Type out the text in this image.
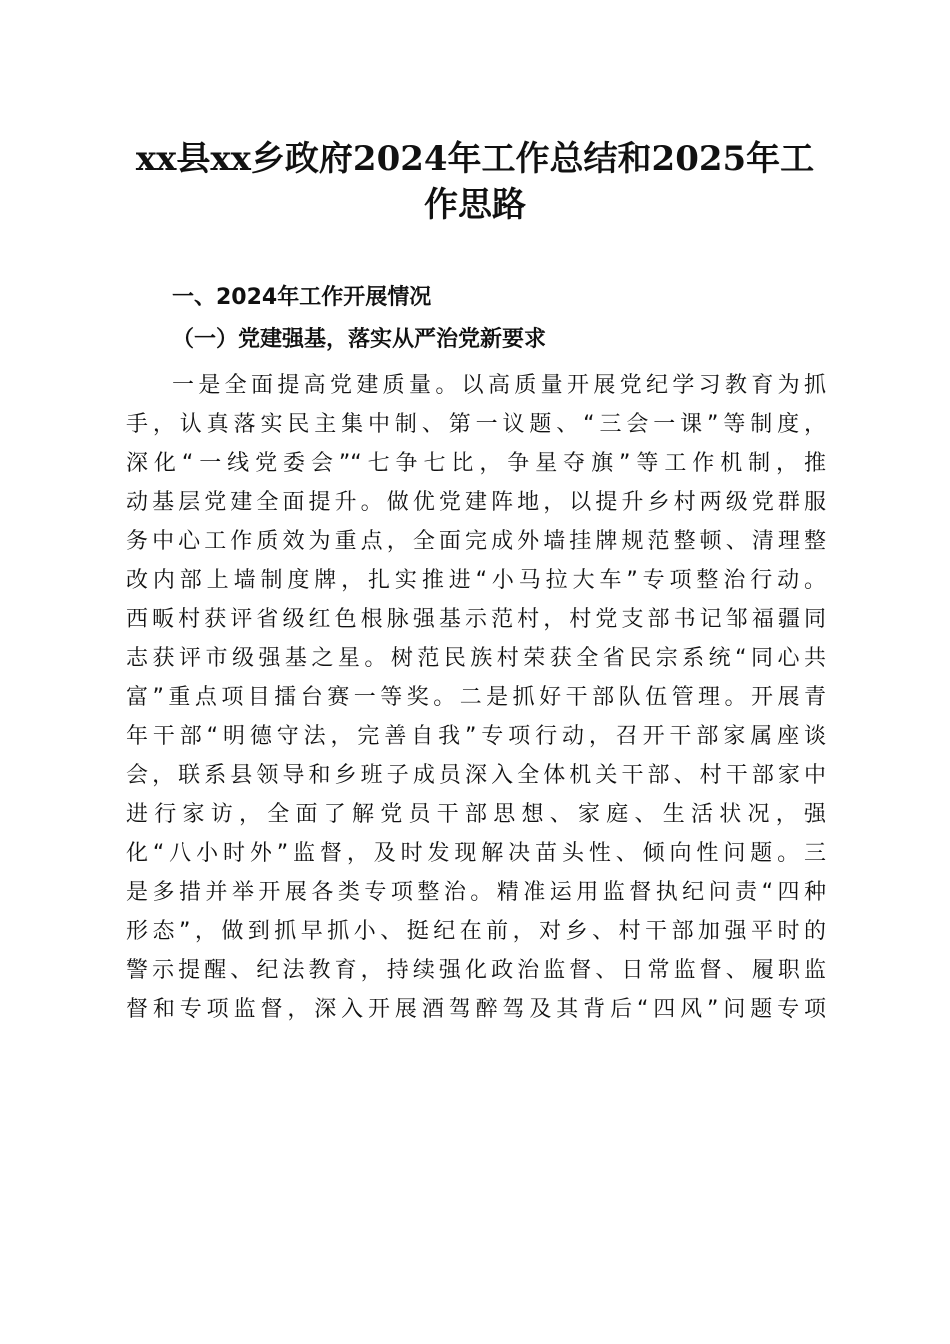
xx县xx乡政府2024年工作总结和2025年工
作思路
一、2024年工作开展情况
（一）党建强基，落实从严治党新要求
一是全面提高党建质量。以高质量开展党纪学习教育为抓
手，认真落实民主集中制、第一议题、“三会一课”等制度，
深化“一线党委会”“七争七比，争星夺旗”等工作机制，推
动基层党建全面提升。做优党建阵地，以提升乡村两级党群服
务中心工作质效为重点，全面完成外墙挂牌规范整顿、清理整
改内部上墙制度牌，扎实推进“小马拉大车”专项整治行动。
西畈村获评省级红色根脉强基示范村，村党支部书记邹福疆同
志获评市级强基之星。树范民族村荣获全省民宗系统“同心共
富”重点项目擂台赛一等奖。二是抓好干部队伍管理。开展青
年干部“明德守法，完善自我”专项行动，召开干部家属座谈
会，联系县领导和乡班子成员深入全体机关干部、村干部家中
进行家访，全面了解党员干部思想、家庭、生活状况，强
化“八小时外”监督，及时发现解决苗头性、倾向性问题。三
是多措并举开展各类专项整治。精准运用监督执纪问责“四种
形态”，做到抓早抓小、挺纪在前，对乡、村干部加强平时的
警示提醒、纪法教育，持续强化政治监督、日常监督、履职监
督和专项监督，深入开展酒驾醉驾及其背后“四风”问题专项
